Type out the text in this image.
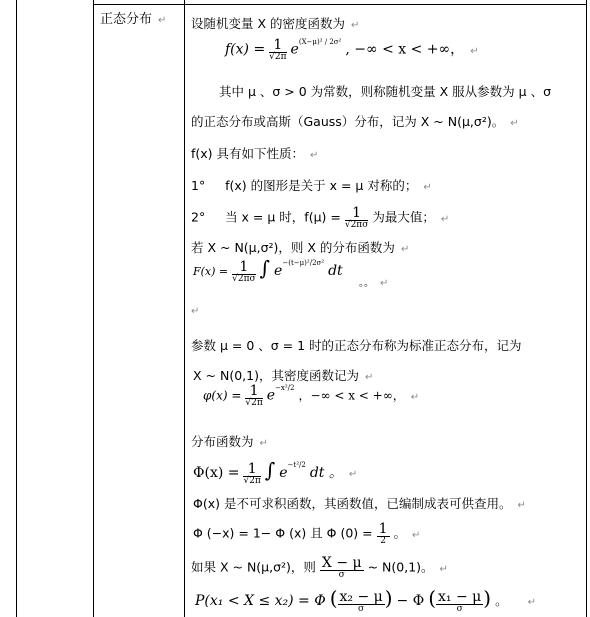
正态分布 ↵ 设随机变量 X 的密度函数为 ↵
$f(x) = \frac{1}{√2\pi} e^{(X-\mu)^2 / 2\sigma^2}$ , −∞ < x < +∞， ↵
其中 μ 、σ > 0 为常数，则称随机变量 X 服从参数为 μ 、σ
的正态分布或高斯（Gauss）分布，记为 X ~ N(μ,σ²)。 ↵
f(x) 具有如下性质： ↵
1° f(x) 的图形是关于 x = μ 对称的； ↵
2° 当 x = μ 时，$f(\mu) = \frac{1}{√2\pi\sigma}$ 为最大值； ↵
若 X ~ N(μ,σ²)，则 X 的分布函数为 ↵
$F(x) = \frac{1}{√2\pi\sigma}$ ∫ $e^{-(t-\mu)^2/2\sigma^2}$ dt
。。 ↵
↵
参数 μ = 0 、σ = 1 时的正态分布称为标准正态分布，记为
X ~ N(0,1)，其密度函数记为 ↵
$\varphi(x) = \frac{1}{√2\pi} e^{-x^2/2}$ ，−∞ < x < +∞， ↵
分布函数为 ↵
$\Phi(x) = \frac{1}{√2\pi}$ ∫ $e^{-t^2/2}$ dt 。 ↵
Φ(x) 是不可求积函数，其函数值，已编制成表可供查用。 ↵
Φ (−x) = 1− Φ (x) 且 Φ $(0) = \frac{1}{2}$ 。 ↵
如果 X ~ N(μ,σ²)，则 $\frac{X - \mu}{\sigma}$ ~ N(0,1)。 ↵
P(x₁ < X ≤ x₂) = Φ ( $\frac{\text{x₂ − μ}}{\sigma}$ ) − Φ ( $\frac{\text{x₁ − μ}}{\sigma}$ ) 。 ↵
